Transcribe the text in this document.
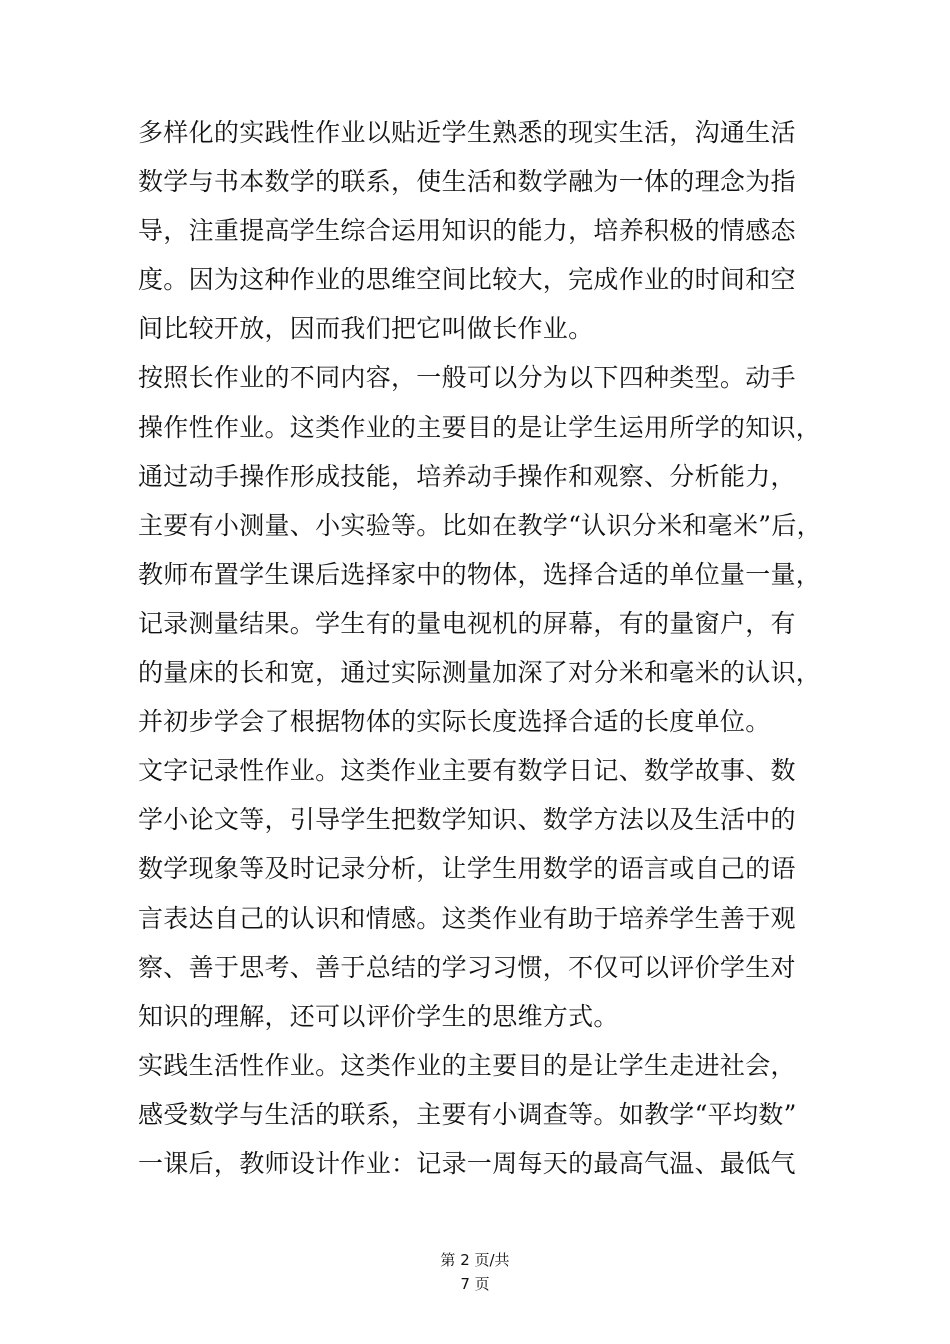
多样化的实践性作业以贴近学生熟悉的现实生活，沟通生活
数学与书本数学的联系，使生活和数学融为一体的理念为指
导，注重提高学生综合运用知识的能力，培养积极的情感态
度。因为这种作业的思维空间比较大，完成作业的时间和空
间比较开放，因而我们把它叫做长作业。
按照长作业的不同内容，一般可以分为以下四种类型。动手
操作性作业。这类作业的主要目的是让学生运用所学的知识，
通过动手操作形成技能，培养动手操作和观察、分析能力，
主要有小测量、小实验等。比如在教学“认识分米和毫米”后，
教师布置学生课后选择家中的物体，选择合适的单位量一量，
记录测量结果。学生有的量电视机的屏幕，有的量窗户，有
的量床的长和宽，通过实际测量加深了对分米和毫米的认识，
并初步学会了根据物体的实际长度选择合适的长度单位。
文字记录性作业。这类作业主要有数学日记、数学故事、数
学小论文等，引导学生把数学知识、数学方法以及生活中的
数学现象等及时记录分析，让学生用数学的语言或自己的语
言表达自己的认识和情感。这类作业有助于培养学生善于观
察、善于思考、善于总结的学习习惯，不仅可以评价学生对
知识的理解，还可以评价学生的思维方式。
实践生活性作业。这类作业的主要目的是让学生走进社会，
感受数学与生活的联系，主要有小调查等。如教学“平均数”
一课后，教师设计作业：记录一周每天的最高气温、最低气
第 2 页/共
7 页
